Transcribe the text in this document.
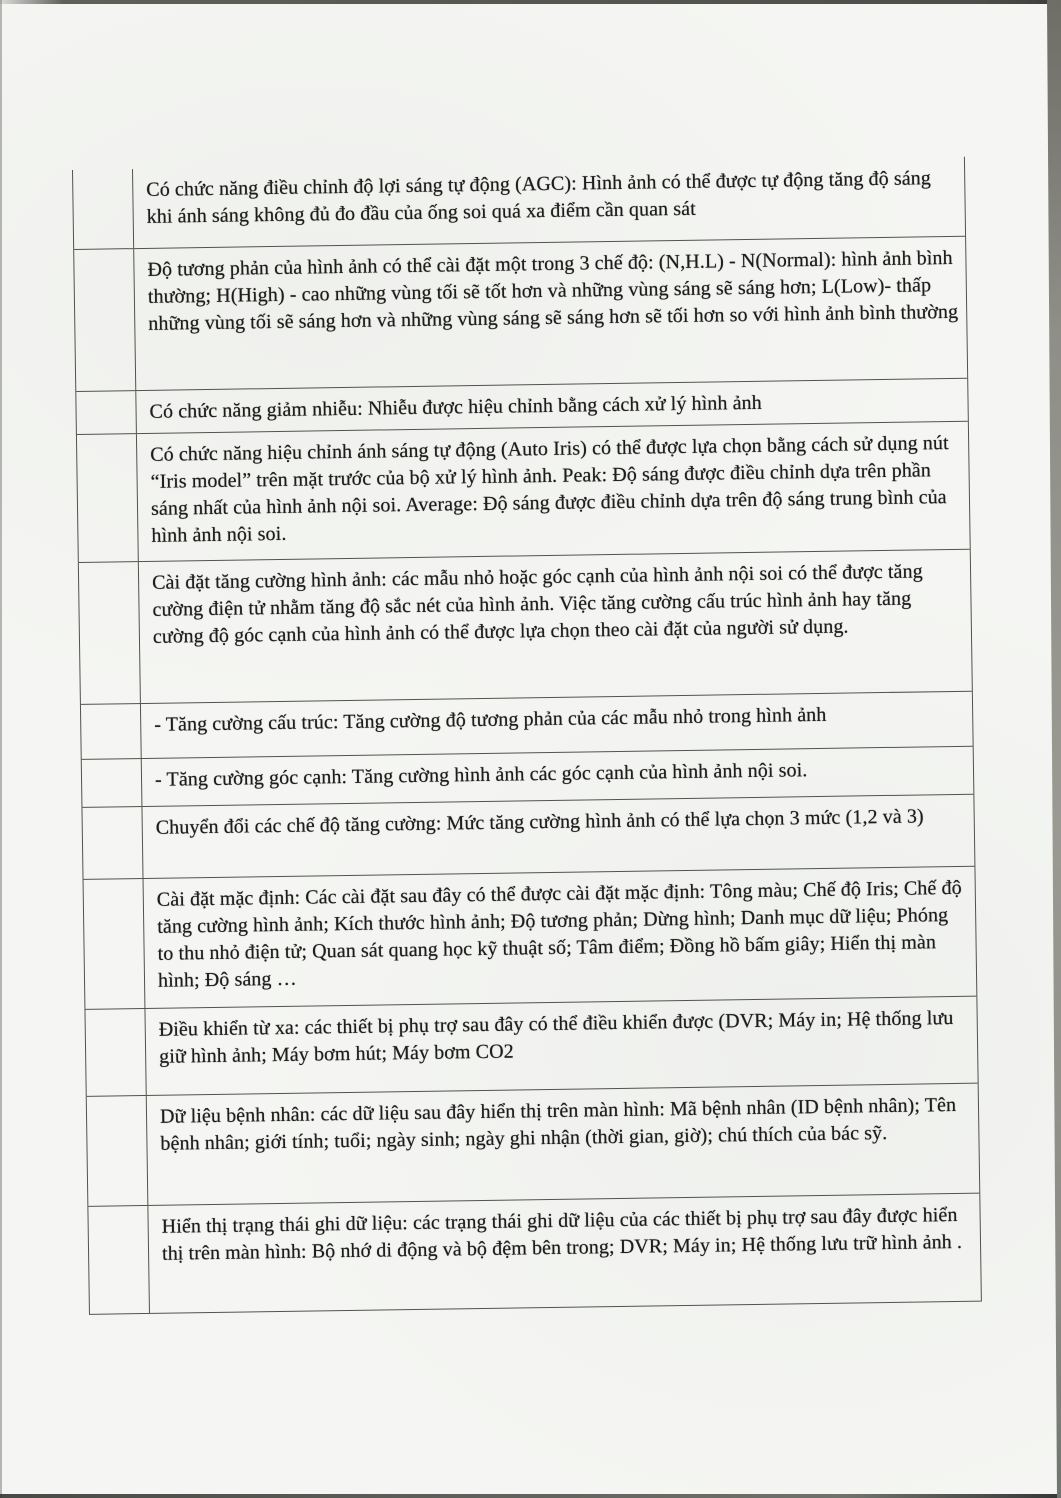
Có chức năng điều chỉnh độ lợi sáng tự động (AGC): Hình ảnh có thể được tự động tăng độ sáng khi ánh sáng không đủ đo đầu của ống soi quá xa điểm cần quan sát
Độ tương phản của hình ảnh có thể cài đặt một trong 3 chế độ: (N,H.L) - N(Normal): hình ảnh bình thường; H(High) - cao những vùng tối sẽ tốt hơn và những vùng sáng sẽ sáng hơn; L(Low)- thấp những vùng tối sẽ sáng hơn và những vùng sáng sẽ sáng hơn sẽ tối hơn so với hình ảnh bình thường
Có chức năng giảm nhiễu: Nhiễu được hiệu chỉnh bằng cách xử lý hình ảnh
Có chức năng hiệu chỉnh ánh sáng tự động (Auto Iris) có thể được lựa chọn bằng cách sử dụng nút “Iris model” trên mặt trước của bộ xử lý hình ảnh. Peak: Độ sáng được điều chỉnh dựa trên phần sáng nhất của hình ảnh nội soi. Average: Độ sáng được điều chỉnh dựa trên độ sáng trung bình của hình ảnh nội soi.
Cài đặt tăng cường hình ảnh: các mẫu nhỏ hoặc góc cạnh của hình ảnh nội soi có thể được tăng cường điện tử nhằm tăng độ sắc nét của hình ảnh. Việc tăng cường cấu trúc hình ảnh hay tăng cường độ góc cạnh của hình ảnh có thể được lựa chọn theo cài đặt của người sử dụng.
- Tăng cường cấu trúc: Tăng cường độ tương phản của các mẫu nhỏ trong hình ảnh
- Tăng cường góc cạnh: Tăng cường hình ảnh các góc cạnh của hình ảnh nội soi.
Chuyển đổi các chế độ tăng cường: Mức tăng cường hình ảnh có thể lựa chọn 3 mức (1,2 và 3)
Cài đặt mặc định: Các cài đặt sau đây có thể được cài đặt mặc định: Tông màu; Chế độ Iris; Chế độ tăng cường hình ảnh; Kích thước hình ảnh; Độ tương phản; Dừng hình; Danh mục dữ liệu; Phóng to thu nhỏ điện tử; Quan sát quang học kỹ thuật số; Tâm điểm; Đồng hồ bấm giây; Hiển thị màn hình; Độ sáng …
Điều khiển từ xa: các thiết bị phụ trợ sau đây có thể điều khiển được (DVR; Máy in; Hệ thống lưu giữ hình ảnh; Máy bơm hút; Máy bơm CO2
Dữ liệu bệnh nhân: các dữ liệu sau đây hiển thị trên màn hình: Mã bệnh nhân (ID bệnh nhân); Tên bệnh nhân; giới tính; tuổi; ngày sinh; ngày ghi nhận (thời gian, giờ); chú thích của bác sỹ.
Hiển thị trạng thái ghi dữ liệu: các trạng thái ghi dữ liệu của các thiết bị phụ trợ sau đây được hiển thị trên màn hình: Bộ nhớ di động và bộ đệm bên trong; DVR; Máy in; Hệ thống lưu trữ hình ảnh .
